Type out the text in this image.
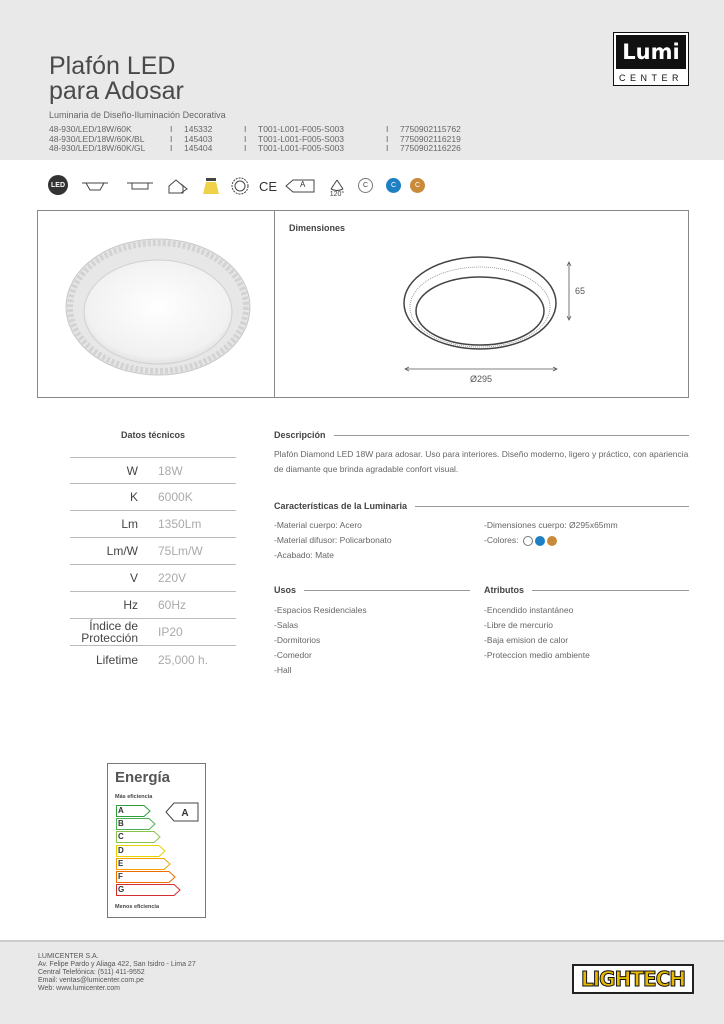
Plafón LED
para Adosar
Luminaria de Diseño-Iluminación Decorativa
48-930/LED/18W/60K	I	145332	I	T001-L001-F005-S003	I	7750902115762
48-930/LED/18W/60K/BL	I	145403	I	T001-L001-F005-S003	I	7750902116219
48-930/LED/18W/60K/GL	I	145404	I	T001-L001-F005-S003	I	7750902116226
Lumi
CENTER
LED	CE	A
120°
C	C	C
Dimensiones
65
Ø295
Datos técnicos
W	18W
K	6000K
Lm	1350Lm
Lm/W	75Lm/W
V	220V
Hz	60Hz
Índice de Protección	IP20
Lifetime	25,000 h.
Descripción
Plafón Diamond LED 18W para adosar. Uso para interiores. Diseño moderno, ligero y práctico, con apariencia de diamante que brinda agradable confort visual.
Características de la Luminaria
-Material cuerpo: Acero
-Material difusor: Policarbonato
-Acabado: Mate
-Dimensiones cuerpo: Ø295x65mm
-Colores:
Usos
-Espacios Residenciales
-Salas
-Dormitorios
-Comedor
-Hall
Atributos
-Encendido instantáneo
-Libre de mercurio
-Baja emision de calor
-Proteccion medio ambiente
Energía
Más eficiencia
A
B
C
D
E
F
G
A
Menos eficiencia
LUMICENTER S.A.
Av. Felipe Pardo y Aliaga 422, San Isidro - Lima 27
Central Telefónica: (511) 411-9552
Email: ventas@lumicenter.com.pe
Web: www.lumicenter.com	LIGHTECH
